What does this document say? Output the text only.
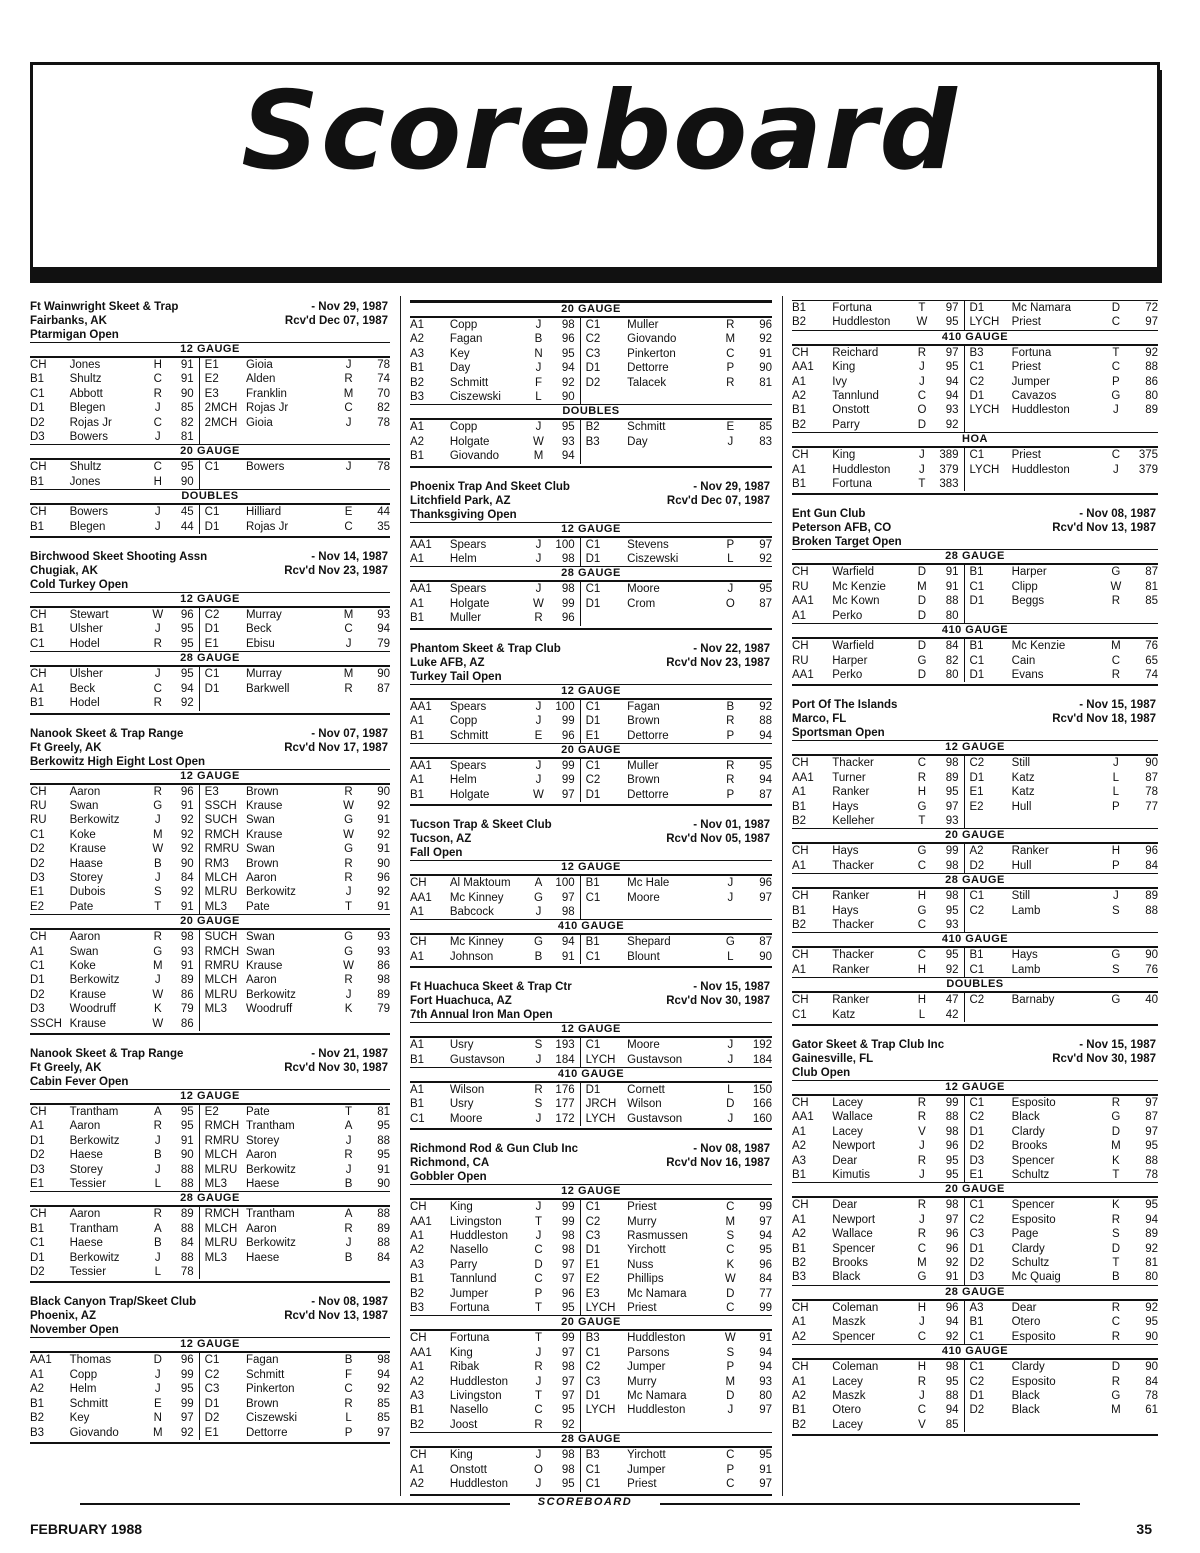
Scoreboard
Ft Wainwright Skeet & Trap	- Nov 29, 1987
Fairbanks, AK	Rcv'd Dec 07, 1987
Ptarmigan Open
12 GAUGE
CH	Jones	H	91	E1	Gioia	J	78
B1	Shultz	C	91	E2	Alden	R	74
C1	Abbott	R	90	E3	Franklin	M	70
D1	Blegen	J	85	2MCH	Rojas Jr	C	82
D2	Rojas Jr	C	82	2MCH	Gioia	J	78
D3	Bowers	J	81				
20 GAUGE
CH	Shultz	C	95	C1	Bowers	J	78
B1	Jones	H	90				
DOUBLES
CH	Bowers	J	45	C1	Hilliard	E	44
B1	Blegen	J	44	D1	Rojas Jr	C	35
Birchwood Skeet Shooting Assn	- Nov 14, 1987
Chugiak, AK	Rcv'd Nov 23, 1987
Cold Turkey Open
12 GAUGE
CH	Stewart	W	96	C2	Murray	M	93
B1	Ulsher	J	95	D1	Beck	C	94
C1	Hodel	R	95	E1	Ebisu	J	79
28 GAUGE
CH	Ulsher	J	95	C1	Murray	M	90
A1	Beck	C	94	D1	Barkwell	R	87
B1	Hodel	R	92				
Nanook Skeet & Trap Range	- Nov 07, 1987
Ft Greely, AK	Rcv'd Nov 17, 1987
Berkowitz High Eight Lost Open
12 GAUGE
CH	Aaron	R	96	E3	Brown	R	90
RU	Swan	G	91	SSCH	Krause	W	92
RU	Berkowitz	J	92	SUCH	Swan	G	91
C1	Koke	M	92	RMCH	Krause	W	92
D2	Krause	W	92	RMRU	Swan	G	91
D2	Haase	B	90	RM3	Brown	R	90
D3	Storey	J	84	MLCH	Aaron	R	96
E1	Dubois	S	92	MLRU	Berkowitz	J	92
E2	Pate	T	91	ML3	Pate	T	91
20 GAUGE
CH	Aaron	R	98	SUCH	Swan	G	93
A1	Swan	G	93	RMCH	Swan	G	93
C1	Koke	M	91	RMRU	Krause	W	86
D1	Berkowitz	J	89	MLCH	Aaron	R	98
D2	Krause	W	86	MLRU	Berkowitz	J	89
D3	Woodruff	K	79	ML3	Woodruff	K	79
SSCH	Krause	W	86				
Nanook Skeet & Trap Range	- Nov 21, 1987
Ft Greely, AK	Rcv'd Nov 30, 1987
Cabin Fever Open
12 GAUGE
CH	Trantham	A	95	E2	Pate	T	81
A1	Aaron	R	95	RMCH	Trantham	A	95
D1	Berkowitz	J	91	RMRU	Storey	J	88
D2	Haese	B	90	MLCH	Aaron	R	95
D3	Storey	J	88	MLRU	Berkowitz	J	91
E1	Tessier	L	88	ML3	Haese	B	90
28 GAUGE
CH	Aaron	R	89	RMCH	Trantham	A	88
B1	Trantham	A	88	MLCH	Aaron	R	89
C1	Haese	B	84	MLRU	Berkowitz	J	88
D1	Berkowitz	J	88	ML3	Haese	B	84
D2	Tessier	L	78				
Black Canyon Trap/Skeet Club	- Nov 08, 1987
Phoenix, AZ	Rcv'd Nov 13, 1987
November Open
12 GAUGE
AA1	Thomas	D	96	C1	Fagan	B	98
A1	Copp	J	99	C2	Schmitt	F	94
A2	Helm	J	95	C3	Pinkerton	C	92
B1	Schmitt	E	99	D1	Brown	R	85
B2	Key	N	97	D2	Ciszewski	L	85
B3	Giovando	M	92	E1	Dettorre	P	97
20 GAUGE
A1	Copp	J	98	C1	Muller	R	96
A2	Fagan	B	96	C2	Giovando	M	92
A3	Key	N	95	C3	Pinkerton	C	91
B1	Day	J	94	D1	Dettorre	P	90
B2	Schmitt	F	92	D2	Talacek	R	81
B3	Ciszewski	L	90				
DOUBLES
A1	Copp	J	95	B2	Schmitt	E	85
A2	Holgate	W	93	B3	Day	J	83
B1	Giovando	M	94				
Phoenix Trap And Skeet Club	- Nov 29, 1987
Litchfield Park, AZ	Rcv'd Dec 07, 1987
Thanksgiving Open
12 GAUGE
AA1	Spears	J	100	C1	Stevens	P	97
A1	Helm	J	98	D1	Ciszewski	L	92
28 GAUGE
AA1	Spears	J	98	C1	Moore	J	95
A1	Holgate	W	99	D1	Crom	O	87
B1	Muller	R	96				
Phantom Skeet & Trap Club	- Nov 22, 1987
Luke AFB, AZ	Rcv'd Nov 23, 1987
Turkey Tail Open
12 GAUGE
AA1	Spears	J	100	C1	Fagan	B	92
A1	Copp	J	99	D1	Brown	R	88
B1	Schmitt	E	96	E1	Dettorre	P	94
20 GAUGE
AA1	Spears	J	99	C1	Muller	R	95
A1	Helm	J	99	C2	Brown	R	94
B1	Holgate	W	97	D1	Dettorre	P	87
Tucson Trap & Skeet Club	- Nov 01, 1987
Tucson, AZ	Rcv'd Nov 05, 1987
Fall Open
12 GAUGE
CH	Al Maktoum	A	100	B1	Mc Hale	J	96
AA1	Mc Kinney	G	97	C1	Moore	J	97
A1	Babcock	J	98				
410 GAUGE
CH	Mc Kinney	G	94	B1	Shepard	G	87
A1	Johnson	B	91	C1	Blount	L	90
Ft Huachuca Skeet & Trap Ctr	- Nov 15, 1987
Fort Huachuca, AZ	Rcv'd Nov 30, 1987
7th Annual Iron Man Open
12 GAUGE
A1	Usry	S	193	C1	Moore	J	192
B1	Gustavson	J	184	LYCH	Gustavson	J	184
410 GAUGE
A1	Wilson	R	176	D1	Cornett	L	150
B1	Usry	S	177	JRCH	Wilson	D	166
C1	Moore	J	172	LYCH	Gustavson	J	160
Richmond Rod & Gun Club Inc	- Nov 08, 1987
Richmond, CA	Rcv'd Nov 16, 1987
Gobbler Open
12 GAUGE
CH	King	J	99	C1	Priest	C	99
AA1	Livingston	T	99	C2	Murry	M	97
A1	Huddleston	J	98	C3	Rasmussen	S	94
A2	Nasello	C	98	D1	Yirchott	C	95
A3	Parry	D	97	E1	Nuss	K	96
B1	Tannlund	C	97	E2	Phillips	W	84
B2	Jumper	P	96	E3	Mc Namara	D	77
B3	Fortuna	T	95	LYCH	Priest	C	99
20 GAUGE
CH	Fortuna	T	99	B3	Huddleston	W	91
AA1	King	J	97	C1	Parsons	S	94
A1	Ribak	R	98	C2	Jumper	P	94
A2	Huddleston	J	97	C3	Murry	M	93
A3	Livingston	T	97	D1	Mc Namara	D	80
B1	Nasello	C	95	LYCH	Huddleston	J	97
B2	Joost	R	92				
28 GAUGE
CH	King	J	98	B3	Yirchott	C	95
A1	Onstott	O	98	C1	Jumper	P	91
A2	Huddleston	J	95	C1	Priest	C	97
B1	Fortuna	T	97	D1	Mc Namara	D	72
B2	Huddleston	W	95	LYCH	Priest	C	97
410 GAUGE
CH	Reichard	R	97	B3	Fortuna	T	92
AA1	King	J	95	C1	Priest	C	88
A1	Ivy	J	94	C2	Jumper	P	86
A2	Tannlund	C	94	D1	Cavazos	G	80
B1	Onstott	O	93	LYCH	Huddleston	J	89
B2	Parry	D	92				
HOA
CH	King	J	389	C1	Priest	C	375
A1	Huddleston	J	379	LYCH	Huddleston	J	379
B1	Fortuna	T	383				
Ent Gun Club	- Nov 08, 1987
Peterson AFB, CO	Rcv'd Nov 13, 1987
Broken Target Open
28 GAUGE
CH	Warfield	D	91	B1	Harper	G	87
RU	Mc Kenzie	M	91	C1	Clipp	W	81
AA1	Mc Kown	D	88	D1	Beggs	R	85
A1	Perko	D	80				
410 GAUGE
CH	Warfield	D	84	B1	Mc Kenzie	M	76
RU	Harper	G	82	C1	Cain	C	65
AA1	Perko	D	80	D1	Evans	R	74
Port Of The Islands	- Nov 15, 1987
Marco, FL	Rcv'd Nov 18, 1987
Sportsman Open
12 GAUGE
CH	Thacker	C	98	C2	Still	J	90
AA1	Turner	R	89	D1	Katz	L	87
A1	Ranker	H	95	E1	Katz	L	78
B1	Hays	G	97	E2	Hull	P	77
B2	Kelleher	T	93				
20 GAUGE
CH	Hays	G	99	A2	Ranker	H	96
A1	Thacker	C	98	D2	Hull	P	84
28 GAUGE
CH	Ranker	H	98	C1	Still	J	89
B1	Hays	G	95	C2	Lamb	S	88
B2	Thacker	C	93				
410 GAUGE
CH	Thacker	C	95	B1	Hays	G	90
A1	Ranker	H	92	C1	Lamb	S	76
DOUBLES
CH	Ranker	H	47	C2	Barnaby	G	40
C1	Katz	L	42				
Gator Skeet & Trap Club Inc	- Nov 15, 1987
Gainesville, FL	Rcv'd Nov 30, 1987
Club Open
12 GAUGE
CH	Lacey	R	99	C1	Esposito	R	97
AA1	Wallace	R	88	C2	Black	G	87
A1	Lacey	V	98	D1	Clardy	D	97
A2	Newport	J	96	D2	Brooks	M	95
A3	Dear	R	95	D3	Spencer	K	88
B1	Kimutis	J	95	E1	Schultz	T	78
20 GAUGE
CH	Dear	R	98	C1	Spencer	K	95
A1	Newport	J	97	C2	Esposito	R	94
A2	Wallace	R	96	C3	Page	S	89
B1	Spencer	C	96	D1	Clardy	D	92
B2	Brooks	M	92	D2	Schultz	T	81
B3	Black	G	91	D3	Mc Quaig	B	80
28 GAUGE
CH	Coleman	H	96	A3	Dear	R	92
A1	Maszk	J	94	B1	Otero	C	95
A2	Spencer	C	92	C1	Esposito	R	90
410 GAUGE
CH	Coleman	H	98	C1	Clardy	D	90
A1	Lacey	R	95	C2	Esposito	R	84
A2	Maszk	J	88	D1	Black	G	78
B1	Otero	C	94	D2	Black	M	61
B2	Lacey	V	85				
SCOREBOARD
FEBRUARY 1988	35
